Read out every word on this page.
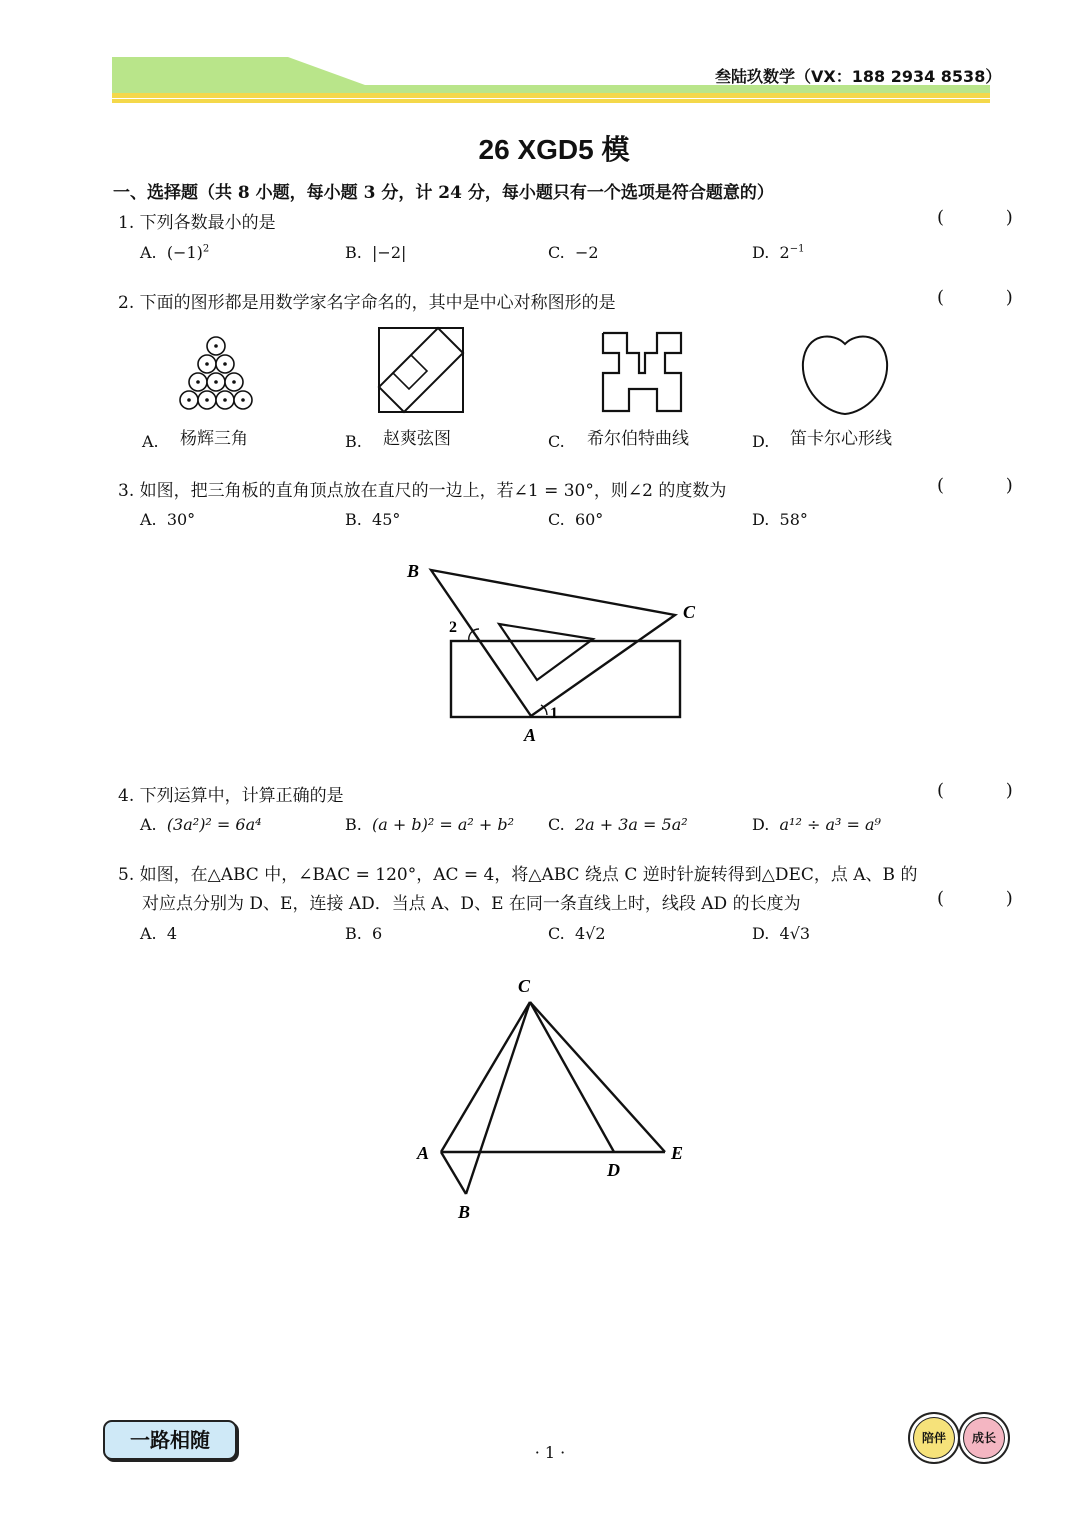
叁陆玖数学（VX：188 2934 8538）
26 XGD5 模
一、选择题（共 8 小题，每小题 3 分，计 24 分，每小题只有一个选项是符合题意的）
1. 下列各数最小的是	( )
A. $(-1)^2$	B. |−2|	C. −2	D. $2^{-1}$
2. 下面的图形都是用数学家名字命名的，其中是中心对称图形的是	( )
A. 杨辉三角	B. 赵爽弦图	C. 希尔伯特曲线	D. 笛卡尔心形线
3. 如图，把三角板的直角顶点放在直尺的一边上，若∠1 = 30°，则∠2 的度数为	( )
A. 30°	B. 45°	C. 60°	D. 58°
B
C
A
1
2
4. 下列运算中，计算正确的是	( )
A. (3a²)² = 6a⁴	B. (a + b)² = a² + b² C. 2a + 3a = 5a²	D. a¹² ÷ a³ = a⁹
5. 如图，在△ABC 中，∠BAC = 120°，AC = 4，将△ABC 绕点 C 逆时针旋转得到△DEC，点 A、B 的
对应点分别为 D、E，连接 AD．当点 A、D、E 在同一条直线上时，线段 AD 的长度为	( )
A. 4	B. 6	C. 4√2	D. 4√3
C
A
D
E
B
一路相随
· 1 ·
陪伴	成长
